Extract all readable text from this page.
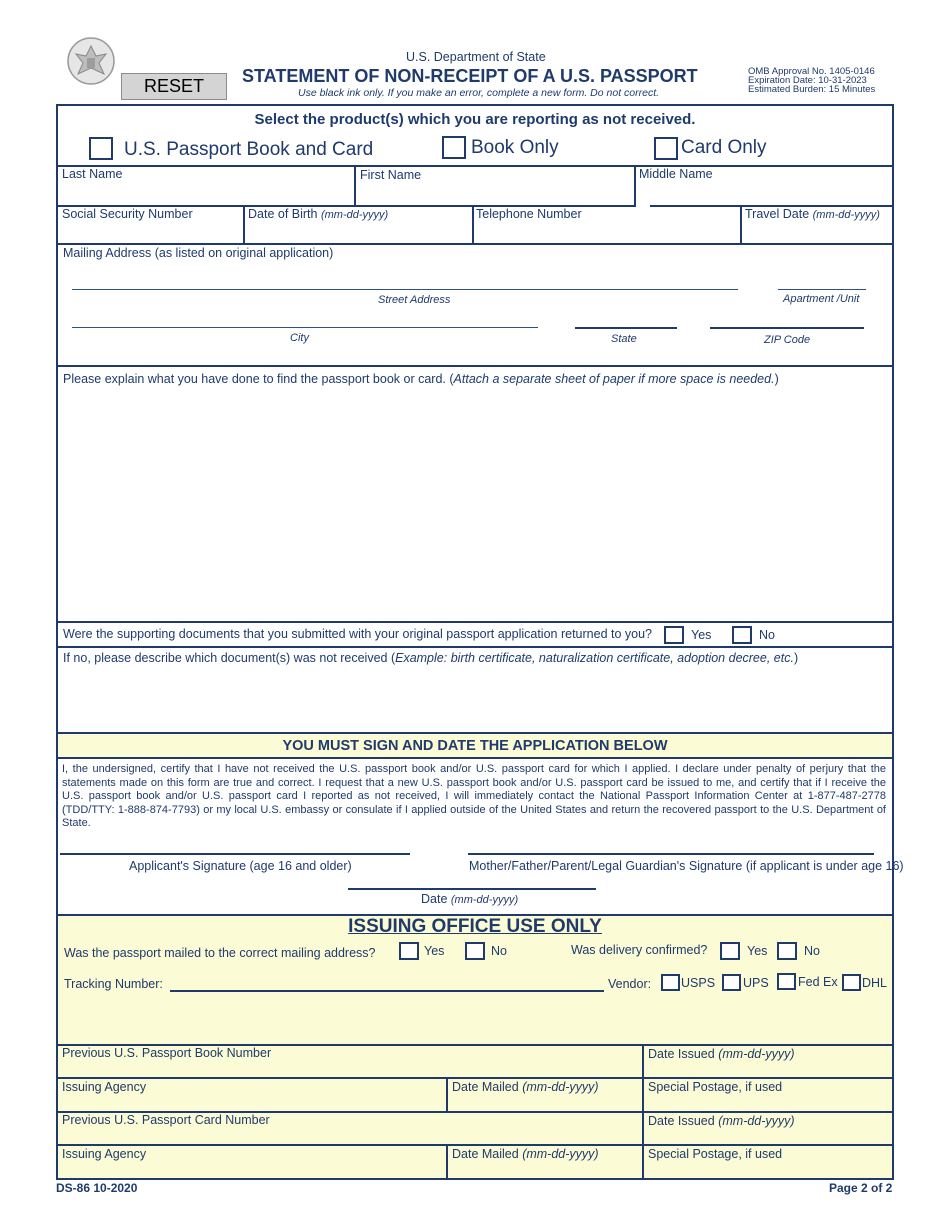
RESET
U.S. Department of State
STATEMENT OF NON-RECEIPT OF A U.S. PASSPORT
Use black ink only. If you make an error, complete a new form. Do not correct.
OMB Approval No. 1405-0146
Expiration Date: 10-31-2023
Estimated Burden: 15 Minutes
Select the product(s) which you are reporting as not received.
U.S. Passport Book and Card	Book Only	Card Only
Last Name	First Name	Middle Name
Social Security Number	Date of Birth (mm-dd-yyyy)	Telephone Number	Travel Date (mm-dd-yyyy)
Mailing Address (as listed on original application)
Street Address	Apartment /Unit
City	State	ZIP Code
Please explain what you have done to find the passport book or card. (Attach a separate sheet of paper if more space is needed.)
Were the supporting documents that you submitted with your original passport application returned to you?	Yes	No
If no, please describe which document(s) was not received (Example: birth certificate, naturalization certificate, adoption decree, etc.)
YOU MUST SIGN AND DATE THE APPLICATION BELOW
I, the undersigned, certify that I have not received the U.S. passport book and/or U.S. passport card for which I applied. I declare under penalty of perjury that the statements made on this form are true and correct. I request that a new U.S. passport book and/or U.S. passport card be issued to me, and certify that if I receive the U.S. passport book and/or U.S. passport card I reported as not received, I will immediately contact the National Passport Information Center at 1-877-487-2778 (TDD/TTY: 1-888-874-7793) or my local U.S. embassy or consulate if I applied outside of the United States and return the recovered passport to the U.S. Department of State.
Applicant's Signature (age 16 and older)	Mother/Father/Parent/Legal Guardian's Signature (if applicant is under age 16)
Date (mm-dd-yyyy)
ISSUING OFFICE USE ONLY
Was the passport mailed to the correct mailing address?	Yes	No	Was delivery confirmed?	Yes	No
Tracking Number:	Vendor: USPS UPS Fed Ex DHL
Previous U.S. Passport Book Number	Date Issued (mm-dd-yyyy)
Issuing Agency	Date Mailed (mm-dd-yyyy)	Special Postage, if used
Previous U.S. Passport Card Number	Date Issued (mm-dd-yyyy)
Issuing Agency	Date Mailed (mm-dd-yyyy)	Special Postage, if used
DS-86 10-2020	Page 2 of 2
